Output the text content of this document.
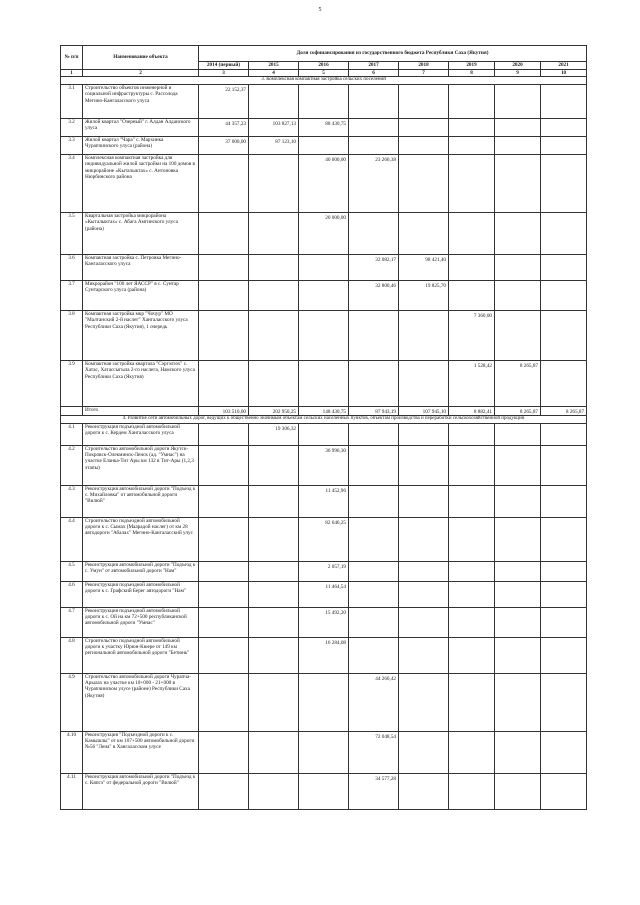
5
№ п/п	Наименование объекта	Доля софинансирования из государственного бюджета Республики Саха (Якутия)							
		2014 (первый)	2015	2016	2017	2018	2019	2020	2021
1	2	3	4	5	6	7	8	9	10
3. Комплексная компактная застройка сельских поселений									
3.1	Строительство объектов инженерной и социальной инфраструктуры с. Рассолода Мегино-Кангаласского улуса	22 152,37							
3.2	Жилой квартал "Озерный" г. Алдан Алданского улуса	44 357,23	103 827,13	88 430,75					
3.3	Жилой квартал "Чара" с. Мархинка Чурапчинского улуса (района)	37 000,00	87 123,10						
3.4	Комплексная компактная застройка для индивидуальной жилой застройки на 100 домов в микрорайоне «Кыталыктах» с. Антоновка Нюрбинского района			40 000,00	23 260,38				
3.5	Квартальная застройка микрорайона «Кыталыктах» с. Абага Амгинского улуса (района)			20 000,00					
3.6	Компактная застройка с. Петровка Мегино-Кангаласского улуса				32 082,17	98 421,40			
3.7	Микрорайон "100 лет ЯАССР" в с. Сунтар Сунтарского улуса (района)				32 800,46	19 825,70			
3.8	Компактная застройка мкр "Чочур" МО "Малтанский 2-й наслег" Хангаласского улуса Республики Саха (Якутия), 1 очередь						7 360,00		
3.9	Компактная застройка квартала "Сэргэлээх" с. Хатас, Хатассыгыла 2-го наслега, Намского улуса Республики Саха (Якутия)						1 528,42	8 265,87	
	Итого	103 510,00	202 950,25	148 430,75	87 943,19	107 945,10	8 882,41	8 265,87	8 265,87
4. Развитие сети автомобильных дорог, ведущих к общественно значимым объектам сельских населенных пунктов, объектам производства и переработки сельскохозяйственной продукции									
4.1	Реконструкция подъездной автомобильной дороги к с. Кердем Хангаласского улуса		19 306,32						
4.2	Строительство автомобильной дороги Якутск-Покровск-Олекминск-Ленск (ад. "Умнас") на участке Еланка-Тит Ары км 132 в Тит-Ары (1,2,3 этапы)			36 996,30					
4.3	Реконструкция автомобильной дороги "Подъезд к с. Михайловка" от автомобильной дороги "Вилюй"			11 452,96					
4.4	Строительство подъездной автомобильной дороги к с. Сымах (Маарадой наслег) от км 28 автодороги "Абалах" Мегино-Кангаласский улус			82 646,25					
4.5	Реконструкция автомобильной дороги "Подъезд к с. Умун" от автомобильной дороги "Нам"			2 057,19					
4.6	Реконструкция подъездной автомобильной дороги к с. Графский Берег автодороги "Нам"			11 464,54					
4.7	Реконструкция подъездной автомобильной дороги к с. Ой на км 72+500 республиканской автомобильной дороги "Умнас"			15 492,20					
4.8	Строительство подъездной автомобильной дороги к участку Юрюн-Кюере от 149 км региональной автомобильной дороги "Бетюнь"			16 284,08					
4.9	Строительство автомобильной дороги Чурапча-Арылах на участке км 10+000 - 21+000 в Чурапчинском улусе (районе) Республики Саха (Якутия)				44 260,42				
4.10	Реконструкция "Подъездной дороги к с. Камышлы" от км 107+500 автомобильной дороги №56 "Лена" в Хангаласском улусе				72 048,54				
4.11	Реконструкция автомобильной дороги "Подъезд к с. Кяпсэ" от федеральной дороги "Вилюй"				34 577,28				
